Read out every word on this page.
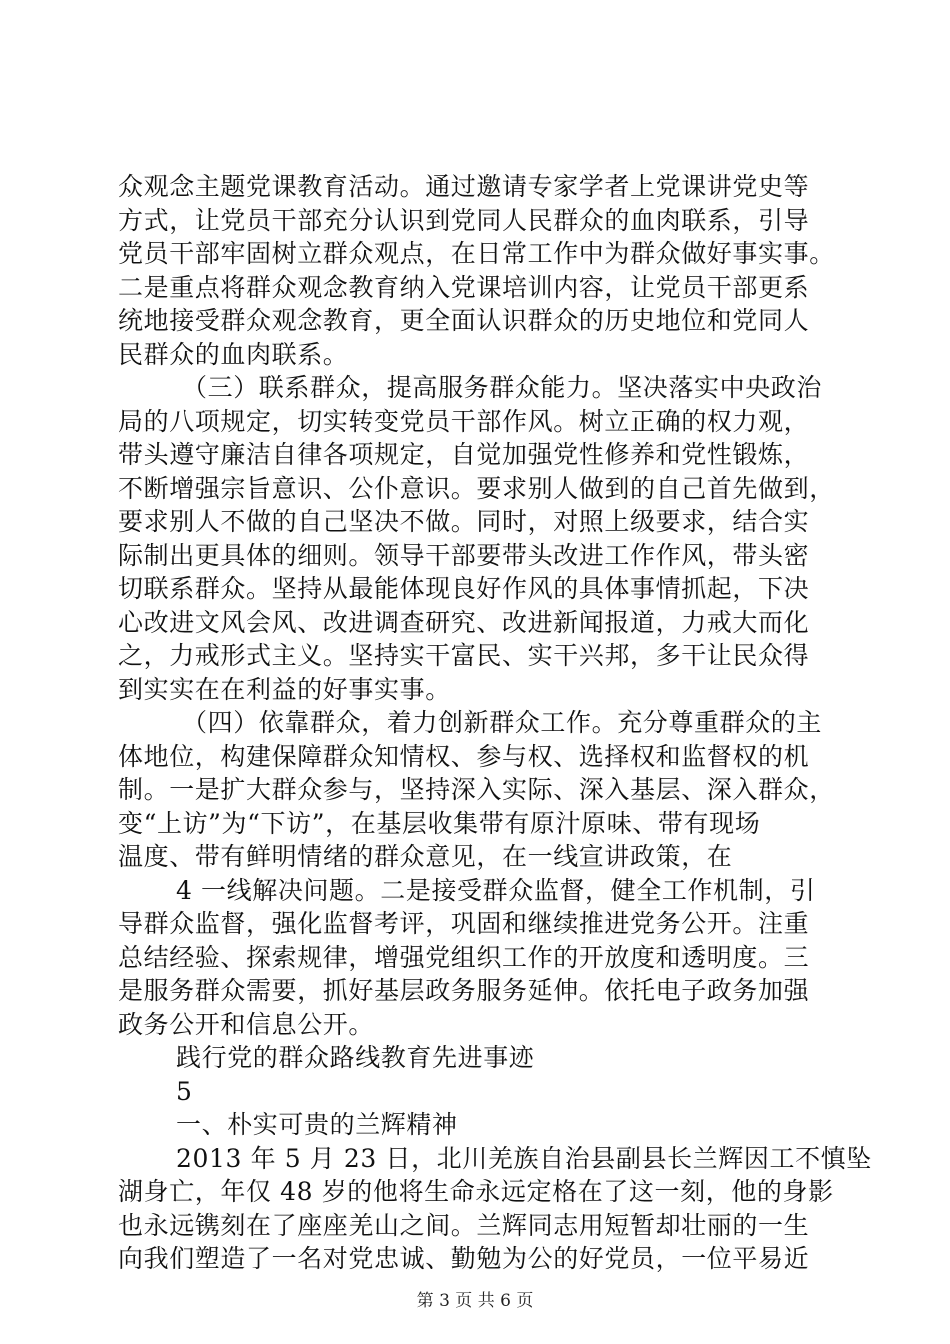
众观念主题党课教育活动。通过邀请专家学者上党课讲党史等
方式，让党员干部充分认识到党同人民群众的血肉联系，引导
党员干部牢固树立群众观点，在日常工作中为群众做好事实事。
二是重点将群众观念教育纳入党课培训内容，让党员干部更系
统地接受群众观念教育，更全面认识群众的历史地位和党同人
民群众的血肉联系。
（三）联系群众，提高服务群众能力。坚决落实中央政治
局的八项规定，切实转变党员干部作风。树立正确的权力观，
带头遵守廉洁自律各项规定，自觉加强党性修养和党性锻炼，
不断增强宗旨意识、公仆意识。要求别人做到的自己首先做到，
要求别人不做的自己坚决不做。同时，对照上级要求，结合实
际制出更具体的细则。领导干部要带头改进工作作风，带头密
切联系群众。坚持从最能体现良好作风的具体事情抓起，下决
心改进文风会风、改进调查研究、改进新闻报道，力戒大而化
之，力戒形式主义。坚持实干富民、实干兴邦，多干让民众得
到实实在在利益的好事实事。
（四）依靠群众，着力创新群众工作。充分尊重群众的主
体地位，构建保障群众知情权、参与权、选择权和监督权的机
制。一是扩大群众参与，坚持深入实际、深入基层、深入群众，
变“上访”为“下访”，在基层收集带有原汁原味、带有现场
温度、带有鲜明情绪的群众意见，在一线宣讲政策，在
4 一线解决问题。二是接受群众监督，健全工作机制，引
导群众监督，强化监督考评，巩固和继续推进党务公开。注重
总结经验、探索规律，增强党组织工作的开放度和透明度。三
是服务群众需要，抓好基层政务服务延伸。依托电子政务加强
政务公开和信息公开。
践行党的群众路线教育先进事迹
5
一、朴实可贵的兰辉精神
2013 年 5 月 23 日，北川羌族自治县副县长兰辉因工不慎坠
湖身亡，年仅 48 岁的他将生命永远定格在了这一刻，他的身影
也永远镌刻在了座座羌山之间。兰辉同志用短暂却壮丽的一生
向我们塑造了一名对党忠诚、勤勉为公的好党员，一位平易近
第 3 页 共 6 页
